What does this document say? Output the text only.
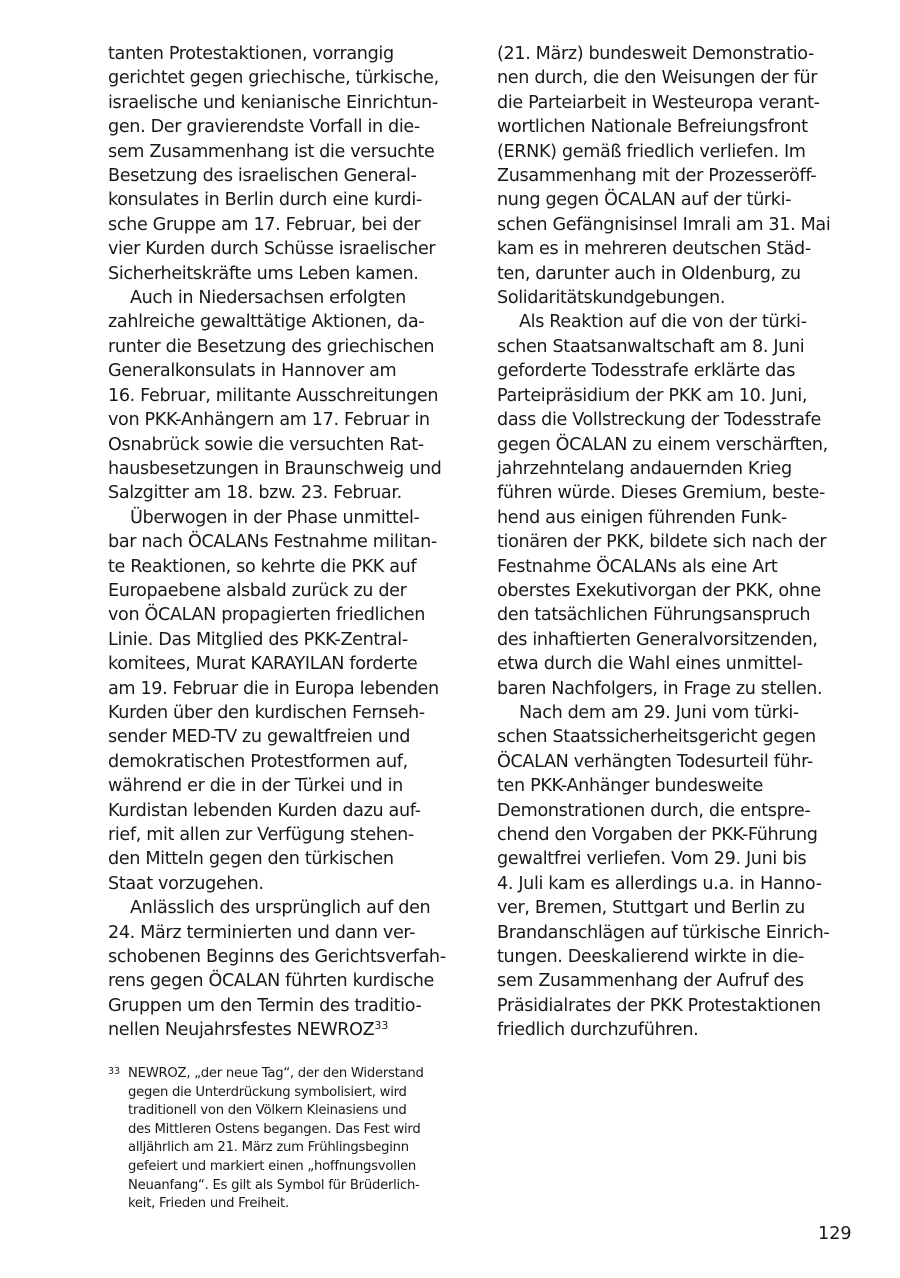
tanten Protestaktionen, vorrangig
gerichtet gegen griechische, türkische,
israelische und kenianische Einrichtun-
gen. Der gravierendste Vorfall in die-
sem Zusammenhang ist die versuchte
Besetzung des israelischen General-
konsulates in Berlin durch eine kurdi-
sche Gruppe am 17. Februar, bei der
vier Kurden durch Schüsse israelischer
Sicherheitskräfte ums Leben kamen.
Auch in Niedersachsen erfolgten
zahlreiche gewalttätige Aktionen, da-
runter die Besetzung des griechischen
Generalkonsulats in Hannover am
16. Februar, militante Ausschreitungen
von PKK-Anhängern am 17. Februar in
Osnabrück sowie die versuchten Rat-
hausbesetzungen in Braunschweig und
Salzgitter am 18. bzw. 23. Februar.
Überwogen in der Phase unmittel-
bar nach ÖCALANs Festnahme militan-
te Reaktionen, so kehrte die PKK auf
Europaebene alsbald zurück zu der
von ÖCALAN propagierten friedlichen
Linie. Das Mitglied des PKK-Zentral-
komitees, Murat KARAYILAN forderte
am 19. Februar die in Europa lebenden
Kurden über den kurdischen Fernseh-
sender MED-TV zu gewaltfreien und
demokratischen Protestformen auf,
während er die in der Türkei und in
Kurdistan lebenden Kurden dazu auf-
rief, mit allen zur Verfügung stehen-
den Mitteln gegen den türkischen
Staat vorzugehen.
Anlässlich des ursprünglich auf den
24. März terminierten und dann ver-
schobenen Beginns des Gerichtsverfah-
rens gegen ÖCALAN führten kurdische
Gruppen um den Termin des traditio-
nellen Neujahrsfestes NEWROZ$^{33}$
(21. März) bundesweit Demonstratio-
nen durch, die den Weisungen der für
die Parteiarbeit in Westeuropa verant-
wortlichen Nationale Befreiungsfront
(ERNK) gemäß friedlich verliefen. Im
Zusammenhang mit der Prozesseröff-
nung gegen ÖCALAN auf der türki-
schen Gefängnisinsel Imrali am 31. Mai
kam es in mehreren deutschen Städ-
ten, darunter auch in Oldenburg, zu
Solidaritätskundgebungen.
Als Reaktion auf die von der türki-
schen Staatsanwaltschaft am 8. Juni
geforderte Todesstrafe erklärte das
Parteipräsidium der PKK am 10. Juni,
dass die Vollstreckung der Todesstrafe
gegen ÖCALAN zu einem verschärften,
jahrzehntelang andauernden Krieg
führen würde. Dieses Gremium, beste-
hend aus einigen führenden Funk-
tionären der PKK, bildete sich nach der
Festnahme ÖCALANs als eine Art
oberstes Exekutivorgan der PKK, ohne
den tatsächlichen Führungsanspruch
des inhaftierten Generalvorsitzenden,
etwa durch die Wahl eines unmittel-
baren Nachfolgers, in Frage zu stellen.
Nach dem am 29. Juni vom türki-
schen Staatssicherheitsgericht gegen
ÖCALAN verhängten Todesurteil führ-
ten PKK-Anhänger bundesweite
Demonstrationen durch, die entspre-
chend den Vorgaben der PKK-Führung
gewaltfrei verliefen. Vom 29. Juni bis
4. Juli kam es allerdings u.a. in Hanno-
ver, Bremen, Stuttgart und Berlin zu
Brandanschlägen auf türkische Einrich-
tungen. Deeskalierend wirkte in die-
sem Zusammenhang der Aufruf des
Präsidialrates der PKK Protestaktionen
friedlich durchzuführen.
33 NEWROZ, „der neue Tag“, der den Widerstand
gegen die Unterdrückung symbolisiert, wird
traditionell von den Völkern Kleinasiens und
des Mittleren Ostens begangen. Das Fest wird
alljährlich am 21. März zum Frühlingsbeginn
gefeiert und markiert einen „hoffnungsvollen
Neuanfang“. Es gilt als Symbol für Brüderlich-
keit, Frieden und Freiheit.
129
